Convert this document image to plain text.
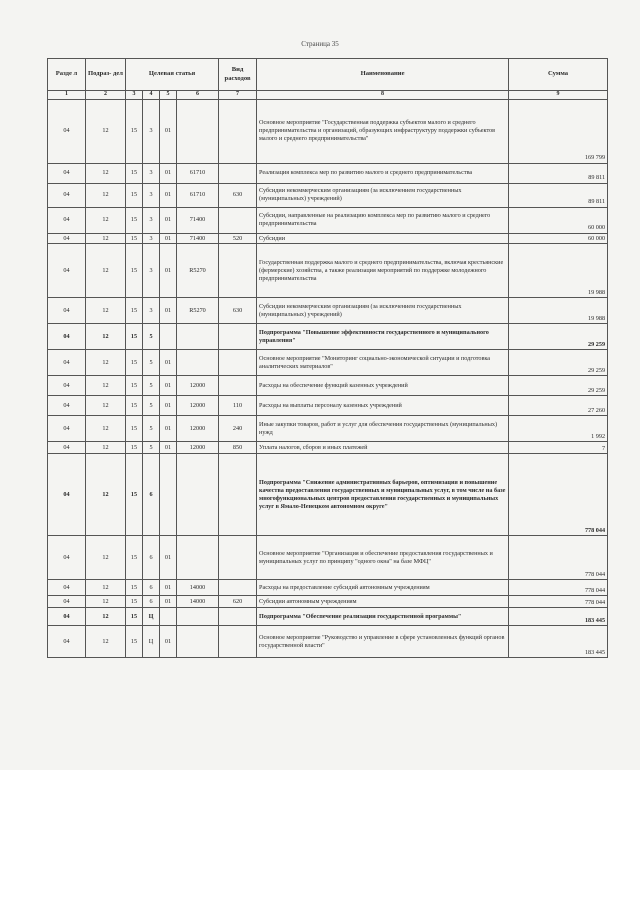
Страница 35
Разде л	Подраз- дел	Целевая статья				Вид расходов	Наименование	Сумма
1	2	3	4	5	6	7	8	9
04	12	15	3	01			Основное мероприятие "Государственная поддержка субъектов малого и среднего предпринимательства и организаций, образующих инфраструктуру поддержки субъектов малого и среднего предпринимательства"	169 799
04	12	15	3	01	61710		Реализация комплекса мер по развитию малого и среднего предпринимательства	89 811
04	12	15	3	01	61710	630	Субсидии некоммерческим организациям (за исключением государственных (муниципальных) учреждений)	89 811
04	12	15	3	01	71400		Субсидии, направленные на реализацию комплекса мер по развитию малого и среднего предпринимательства	60 000
04	12	15	3	01	71400	520	Субсидии	60 000
04	12	15	3	01	R5270		Государственная поддержка малого и среднего предпринимательства, включая крестьянские (фермерские) хозяйства, а также реализация мероприятий по поддержке молодежного предпринимательства	19 988
04	12	15	3	01	R5270	630	Субсидии некоммерческим организациям (за исключением государственных (муниципальных) учреждений)	19 988
04	12	15	5				Подпрограмма "Повышение эффективности государственного и муниципального управления"	29 259
04	12	15	5	01			Основное мероприятие "Мониторинг социально-экономической ситуации и подготовка аналитических материалов"	29 259
04	12	15	5	01	12000		Расходы на обеспечение функций казенных учреждений	29 259
04	12	15	5	01	12000	110	Расходы на выплаты персоналу казенных учреждений	27 260
04	12	15	5	01	12000	240	Иные закупки товаров, работ и услуг для обеспечения государственных (муниципальных) нужд	1 992
04	12	15	5	01	12000	850	Уплата налогов, сборов и иных платежей	7
04	12	15	6				Подпрограмма "Снижение административных барьеров, оптимизация и повышение качества предоставления государственных и муниципальных услуг, в том числе на базе многофункциональных центров предоставления государственных и муниципальных услуг в Ямало-Ненецком автономном округе"	778 044
04	12	15	6	01			Основное мероприятие "Организация и обеспечение предоставления государственных и муниципальных услуг по принципу "одного окна" на базе МФЦ"	778 044
04	12	15	6	01	14000		Расходы на предоставление субсидий автономным учреждениям	778 044
04	12	15	6	01	14000	620	Субсидии автономным учреждениям	778 044
04	12	15	Ц				Подпрограмма "Обеспечение реализации государственной программы"	183 445
04	12	15	Ц	01			Основное мероприятие "Руководство и управление в сфере установленных функций органов государственной власти"	183 445
